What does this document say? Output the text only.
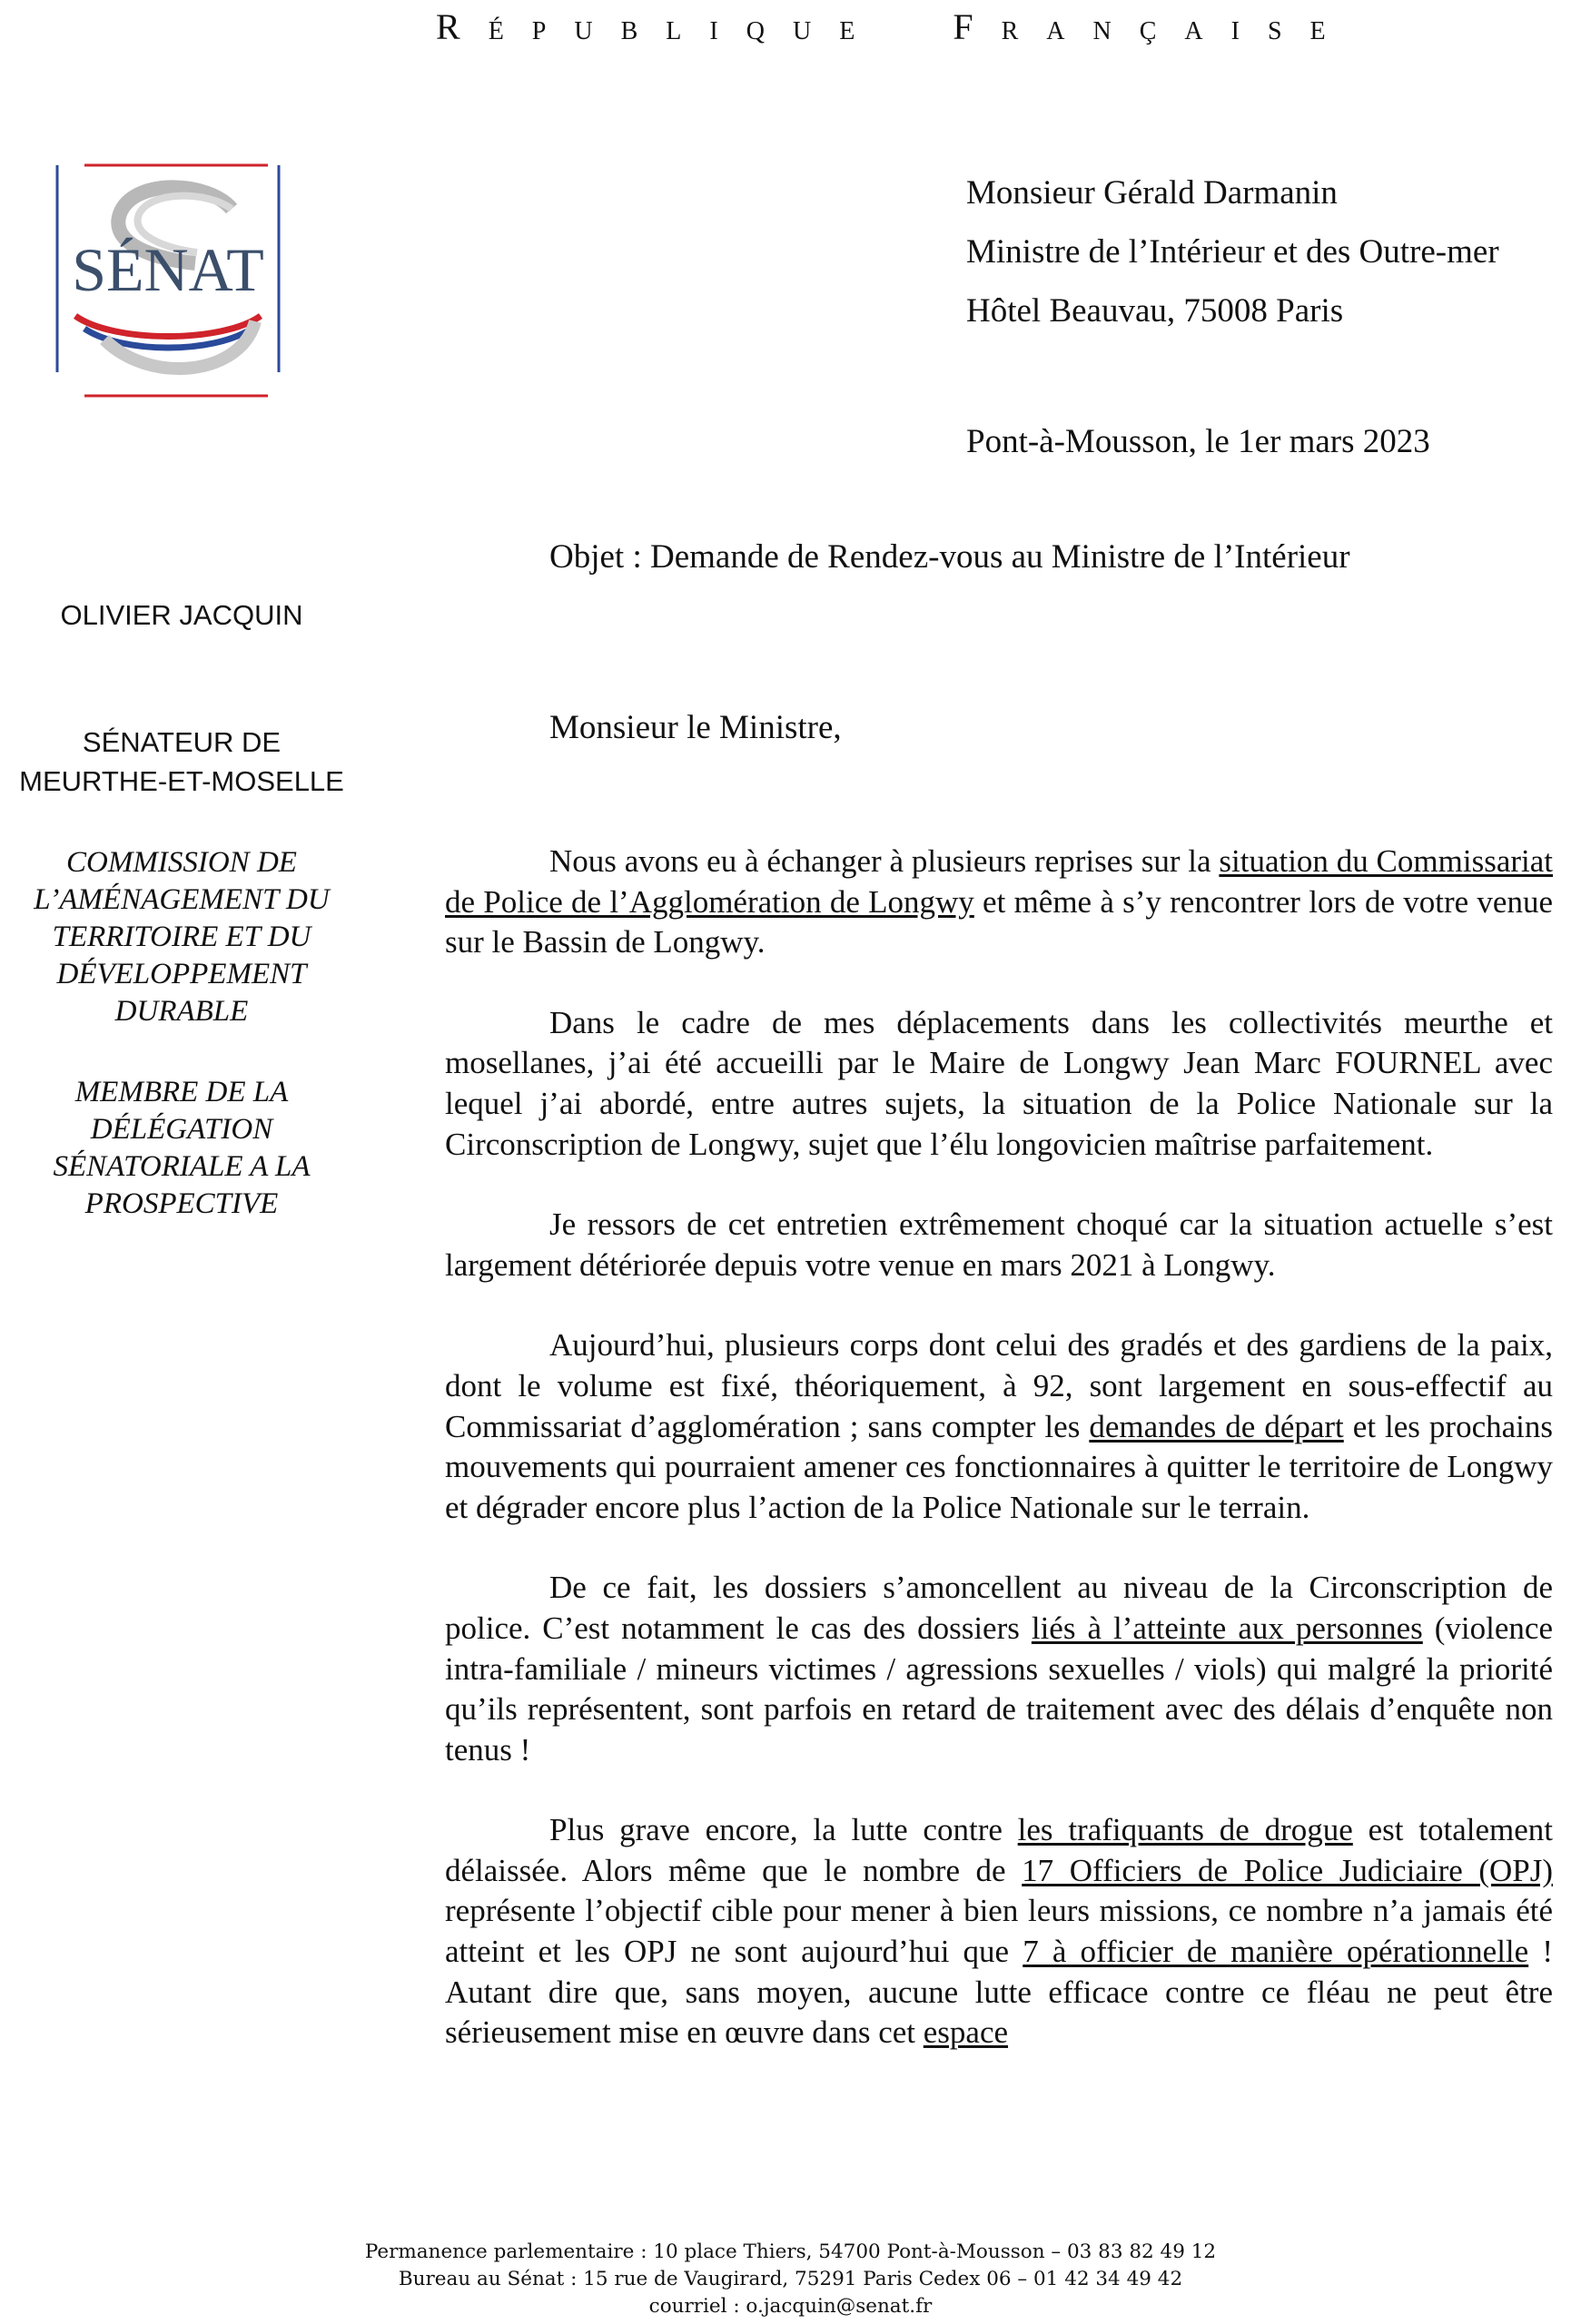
R É P U B L I Q U E	F R A N Ç A I S E
SÉNAT
Monsieur Gérald Darmanin
Ministre de l’Intérieur et des Outre-mer
Hôtel Beauvau, 75008 Paris
Pont-à-Mousson, le 1er mars 2023
Objet : Demande de Rendez-vous au Ministre de l’Intérieur
OLIVIER JACQUIN
SÉNATEUR DE
MEURTHE-ET-MOSELLE
COMMISSION DE
L’AMÉNAGEMENT DU
TERRITOIRE ET DU
DÉVELOPPEMENT
DURABLE
MEMBRE DE LA
DÉLÉGATION
SÉNATORIALE A LA
PROSPECTIVE
Monsieur le Ministre,

Nous avons eu à échanger à plusieurs reprises sur la situation du Commissariat de Police de l’Agglomération de Longwy et même à s’y rencontrer lors de votre venue sur le Bassin de Longwy.

Dans le cadre de mes déplacements dans les collectivités meurthe et mosellanes, j’ai été accueilli par le Maire de Longwy Jean Marc FOURNEL avec lequel j’ai abordé, entre autres sujets, la situation de la Police Nationale sur la Circonscription de Longwy, sujet que l’élu longovicien maîtrise parfaitement.

Je ressors de cet entretien extrêmement choqué car la situation actuelle s’est largement détériorée depuis votre venue en mars 2021 à Longwy.

Aujourd’hui, plusieurs corps dont celui des gradés et des gardiens de la paix, dont le volume est fixé, théoriquement, à 92, sont largement en sous-effectif au Commissariat d’agglomération ; sans compter les demandes de départ et les prochains mouvements qui pourraient amener ces fonctionnaires à quitter le territoire de Longwy et dégrader encore plus l’action de la Police Nationale sur le terrain.

De ce fait, les dossiers s’amoncellent au niveau de la Circonscription de police. C’est notamment le cas des dossiers liés à l’atteinte aux personnes (violence intra-familiale / mineurs victimes / agressions sexuelles / viols) qui malgré la priorité qu’ils représentent, sont parfois en retard de traitement avec des délais d’enquête non tenus !

Plus grave encore, la lutte contre les trafiquants de drogue est totalement délaissée. Alors même que le nombre de 17 Officiers de Police Judiciaire (OPJ) représente l’objectif cible pour mener à bien leurs missions, ce nombre n’a jamais été atteint et les OPJ ne sont aujourd’hui que 7 à officier de manière opérationnelle ! Autant dire que, sans moyen, aucune lutte efficace contre ce fléau ne peut être sérieusement mise en œuvre dans cet espace

Permanence parlementaire : 10 place Thiers, 54700 Pont-à-Mousson – 03 83 82 49 12
Bureau au Sénat : 15 rue de Vaugirard, 75291 Paris Cedex 06 – 01 42 34 49 42
courriel : o.jacquin@senat.fr
